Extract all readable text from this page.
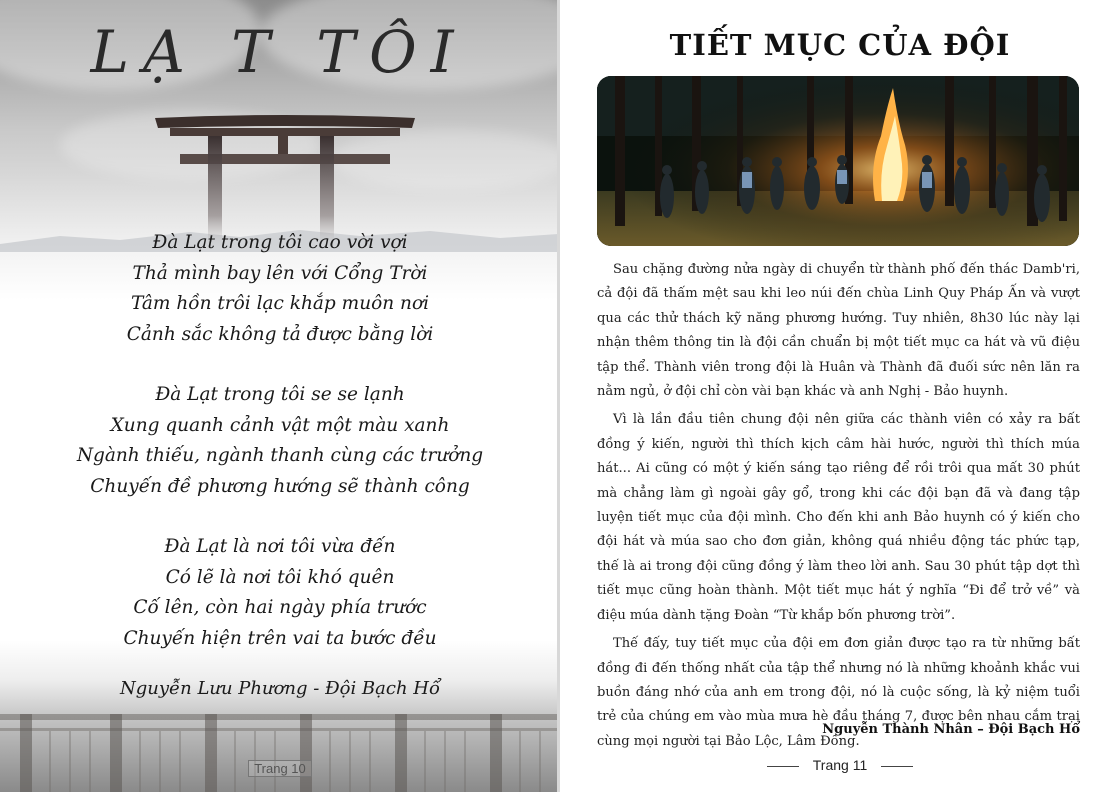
LẠ T TÔI
Đà Lạt trong tôi cao vời vợi
Thả mình bay lên với Cổng Trời
Tâm hồn trôi lạc khắp muôn nơi
Cảnh sắc không tả được bằng lời
Đà Lạt trong tôi se se lạnh
Xung quanh cảnh vật một màu xanh
Ngành thiếu, ngành thanh cùng các trưởng
Chuyến đề phương hướng sẽ thành công
Đà Lạt là nơi tôi vừa đến
Có lẽ là nơi tôi khó quên
Cố lên, còn hai ngày phía trước
Chuyến hiện trên vai ta bước đều
Nguyễn Lưu Phương - Đội Bạch Hổ
Trang 10
TIẾT MỤC CỦA ĐỘI

Sau chặng đường nửa ngày di chuyển từ thành phố đến thác Damb'ri, cả đội đã thấm mệt sau khi leo núi đến chùa Linh Quy Pháp Ấn và vượt qua các thử thách kỹ năng phương hướng. Tuy nhiên, 8h30 lúc này lại nhận thêm thông tin là đội cần chuẩn bị một tiết mục ca hát và vũ điệu tập thể. Thành viên trong đội là Huân và Thành đã đuối sức nên lăn ra nằm ngủ, ở đội chỉ còn vài bạn khác và anh Nghị - Bảo huynh.

Vì là lần đầu tiên chung đội nên giữa các thành viên có xảy ra bất đồng ý kiến, người thì thích kịch câm hài hước, người thì thích múa hát... Ai cũng có một ý kiến sáng tạo riêng để rồi trôi qua mất 30 phút mà chẳng làm gì ngoài gây gổ, trong khi các đội bạn đã và đang tập luyện tiết mục của đội mình. Cho đến khi anh Bảo huynh có ý kiến cho đội hát và múa sao cho đơn giản, không quá nhiều động tác phức tạp, thế là ai trong đội cũng đồng ý làm theo lời anh. Sau 30 phút tập dợt thì tiết mục cũng hoàn thành. Một tiết mục hát ý nghĩa “Đi để trở về” và điệu múa dành tặng Đoàn “Từ khắp bốn phương trời”.

Thế đấy, tuy tiết mục của đội em đơn giản được tạo ra từ những bất đồng đi đến thống nhất của tập thể nhưng nó là những khoảnh khắc vui buồn đáng nhớ của anh em trong đội, nó là cuộc sống, là kỷ niệm tuổi trẻ của chúng em vào mùa mưa hè đầu tháng 7, được bên nhau cắm trại cùng mọi người tại Bảo Lộc, Lâm Đồng.

Nguyễn Thành Nhân – Đội Bạch Hổ
Trang 11
